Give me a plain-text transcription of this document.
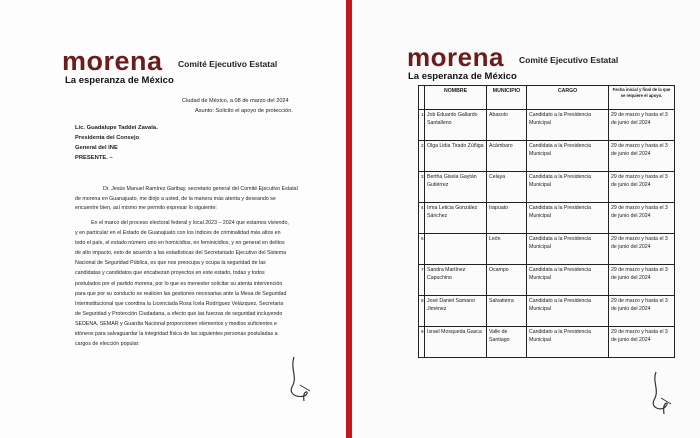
morena
La esperanza de México
Comité Ejecutivo Estatal
Ciudad de México, a 08 de marzo del 2024
Asunto: Solicito el apoyo de protección.
Lic. Guadalupe Taddei Zavala.
Presidenta del Consejo
General del INE
PRESENTE. –
Dr. Jesús Manuel Ramírez Garibay, secretario general del Comité Ejecutivo Estatal
de morena en Guanajuato, me dirijo a usted, de la manera más atenta y deseando se
encuentre bien, así mismo me permito expresar lo siguiente:
En el marco del proceso electoral federal y local 2023 – 2024 que estamos viviendo,
y en particular en el Estado de Guanajuato con los índices de criminalidad más altos en
todo el país, el estado número uno en homicidios, en feminicidios, y en general en delitos
de alto impacto, esto de acuerdo a las estadísticas del Secretariado Ejecutivo del Sistema
Nacional de Seguridad Pública, es que nos preocupa y ocupa la seguridad de las
candidatas y candidatos que encabezan proyectos en este estado, todas y todos
postulados por el partido morena, por lo que es menester solicitar su atenta intervención
para que por su conducto se realicen las gestiones necesarias ante la Mesa de Seguridad
Interinstitucional que coordina la Licenciada Rosa Icela Rodríguez Velázquez, Secretaria
de Seguridad y Protección Ciudadana, a efecto que las fuerzas de seguridad incluyendo
SEDENA, SEMAR y Guardia Nacional proporcionen elementos y medios suficientes e
idóneos para salvaguardar la integridad física de las siguientes personas postuladas a
cargos de elección popular:
morena
La esperanza de México
Comité Ejecutivo Estatal
	NOMBRE	MUNICIPIO	CARGO	Fecha inicial y final de la que se requiere el apoyo.
1	Job Eduardo Gallardo Santalleno	Abasolo	Candidato a la Presidencia Municipal	29 de marzo y hasta el 3 de junio del 2024
2	Olga Lidia Tirado Zúñiga	Acámbaro	Candidata a la Presidencia Municipal	29 de marzo y hasta el 3 de junio del 2024
3	Bertha Gisela Gaytán Gutiérrez	Celaya	Candidata a la Presidencia Municipal	29 de marzo y hasta el 3 de junio del 2024
4	Irma Leticia González Sánchez	Irapuato	Candidata a la Presidencia Municipal	29 de marzo y hasta el 3 de junio del 2024
6		León	Candidata a la Presidencia Municipal	29 de marzo y hasta el 3 de junio del 2024
7	Sandra Martínez Capuchino	Ocampo	Candidata a la Presidencia Municipal	29 de marzo y hasta el 3 de junio del 2024
8	José Daniel Samano Jiménez	Salvatierra	Candidato a la Presidencia Municipal	29 de marzo y hasta el 3 de junio del 2024
9	Israel Mosqueda Gasca	Valle de Santiago	Candidato a la Presidencia Municipal	29 de marzo y hasta el 3 de junio del 2024
